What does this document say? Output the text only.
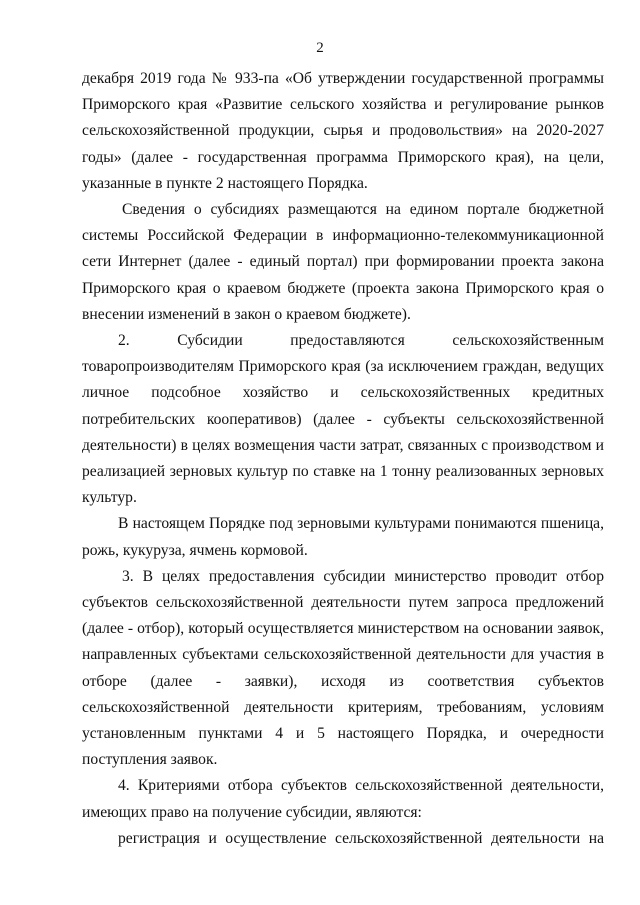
2

декабря 2019 года № 933-па «Об утверждении государственной программы Приморского края «Развитие сельского хозяйства и регулирование рынков сельскохозяйственной продукции, сырья и продовольствия» на 2020-2027 годы» (далее - государственная программа Приморского края), на цели, указанные в пункте 2 настоящего Порядка.

Сведения о субсидиях размещаются на едином портале бюджетной системы Российской Федерации в информационно-телекоммуникационной сети Интернет (далее - единый портал) при формировании проекта закона Приморского края о краевом бюджете (проекта закона Приморского края о внесении изменений в закон о краевом бюджете).

2. Субсидии предоставляются сельскохозяйственным товаропроизводителям Приморского края (за исключением граждан, ведущих личное подсобное хозяйство и сельскохозяйственных кредитных потребительских кооперативов) (далее - субъекты сельскохозяйственной деятельности) в целях возмещения части затрат, связанных с производством и реализацией зерновых культур по ставке на 1 тонну реализованных зерновых культур.

В настоящем Порядке под зерновыми культурами понимаются пшеница, рожь, кукуруза, ячмень кормовой.

3. В целях предоставления субсидии министерство проводит отбор субъектов сельскохозяйственной деятельности путем запроса предложений (далее - отбор), который осуществляется министерством на основании заявок, направленных субъектами сельскохозяйственной деятельности для участия в отборе (далее - заявки), исходя из соответствия субъектов сельскохозяйственной деятельности критериям, требованиям, условиям установленным пунктами 4 и 5 настоящего Порядка, и очередности поступления заявок.

4. Критериями отбора субъектов сельскохозяйственной деятельности, имеющих право на получение субсидии, являются:

регистрация и осуществление сельскохозяйственной деятельности на
